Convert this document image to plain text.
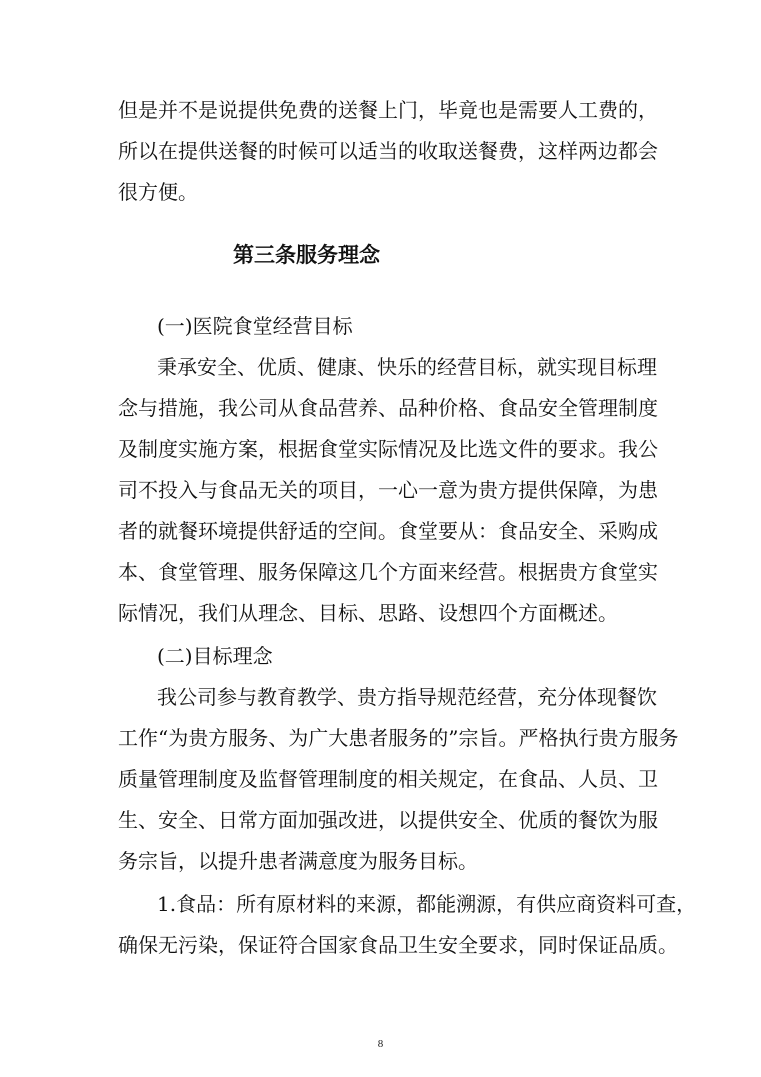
但是并不是说提供免费的送餐上门，毕竟也是需要人工费的，
所以在提供送餐的时候可以适当的收取送餐费，这样两边都会
很方便。
第三条服务理念
(一)医院食堂经营目标
秉承安全、优质、健康、快乐的经营目标，就实现目标理
念与措施，我公司从食品营养、品种价格、食品安全管理制度
及制度实施方案，根据食堂实际情况及比选文件的要求。我公
司不投入与食品无关的项目，一心一意为贵方提供保障，为患
者的就餐环境提供舒适的空间。食堂要从：食品安全、采购成
本、食堂管理、服务保障这几个方面来经营。根据贵方食堂实
际情况，我们从理念、目标、思路、设想四个方面概述。
(二)目标理念
我公司参与教育教学、贵方指导规范经营，充分体现餐饮
工作“为贵方服务、为广大患者服务的”宗旨。严格执行贵方服务
质量管理制度及监督管理制度的相关规定，在食品、人员、卫
生、安全、日常方面加强改进，以提供安全、优质的餐饮为服
务宗旨，以提升患者满意度为服务目标。
1.食品：所有原材料的来源，都能溯源，有供应商资料可查，
确保无污染，保证符合国家食品卫生安全要求，同时保证品质。
8
